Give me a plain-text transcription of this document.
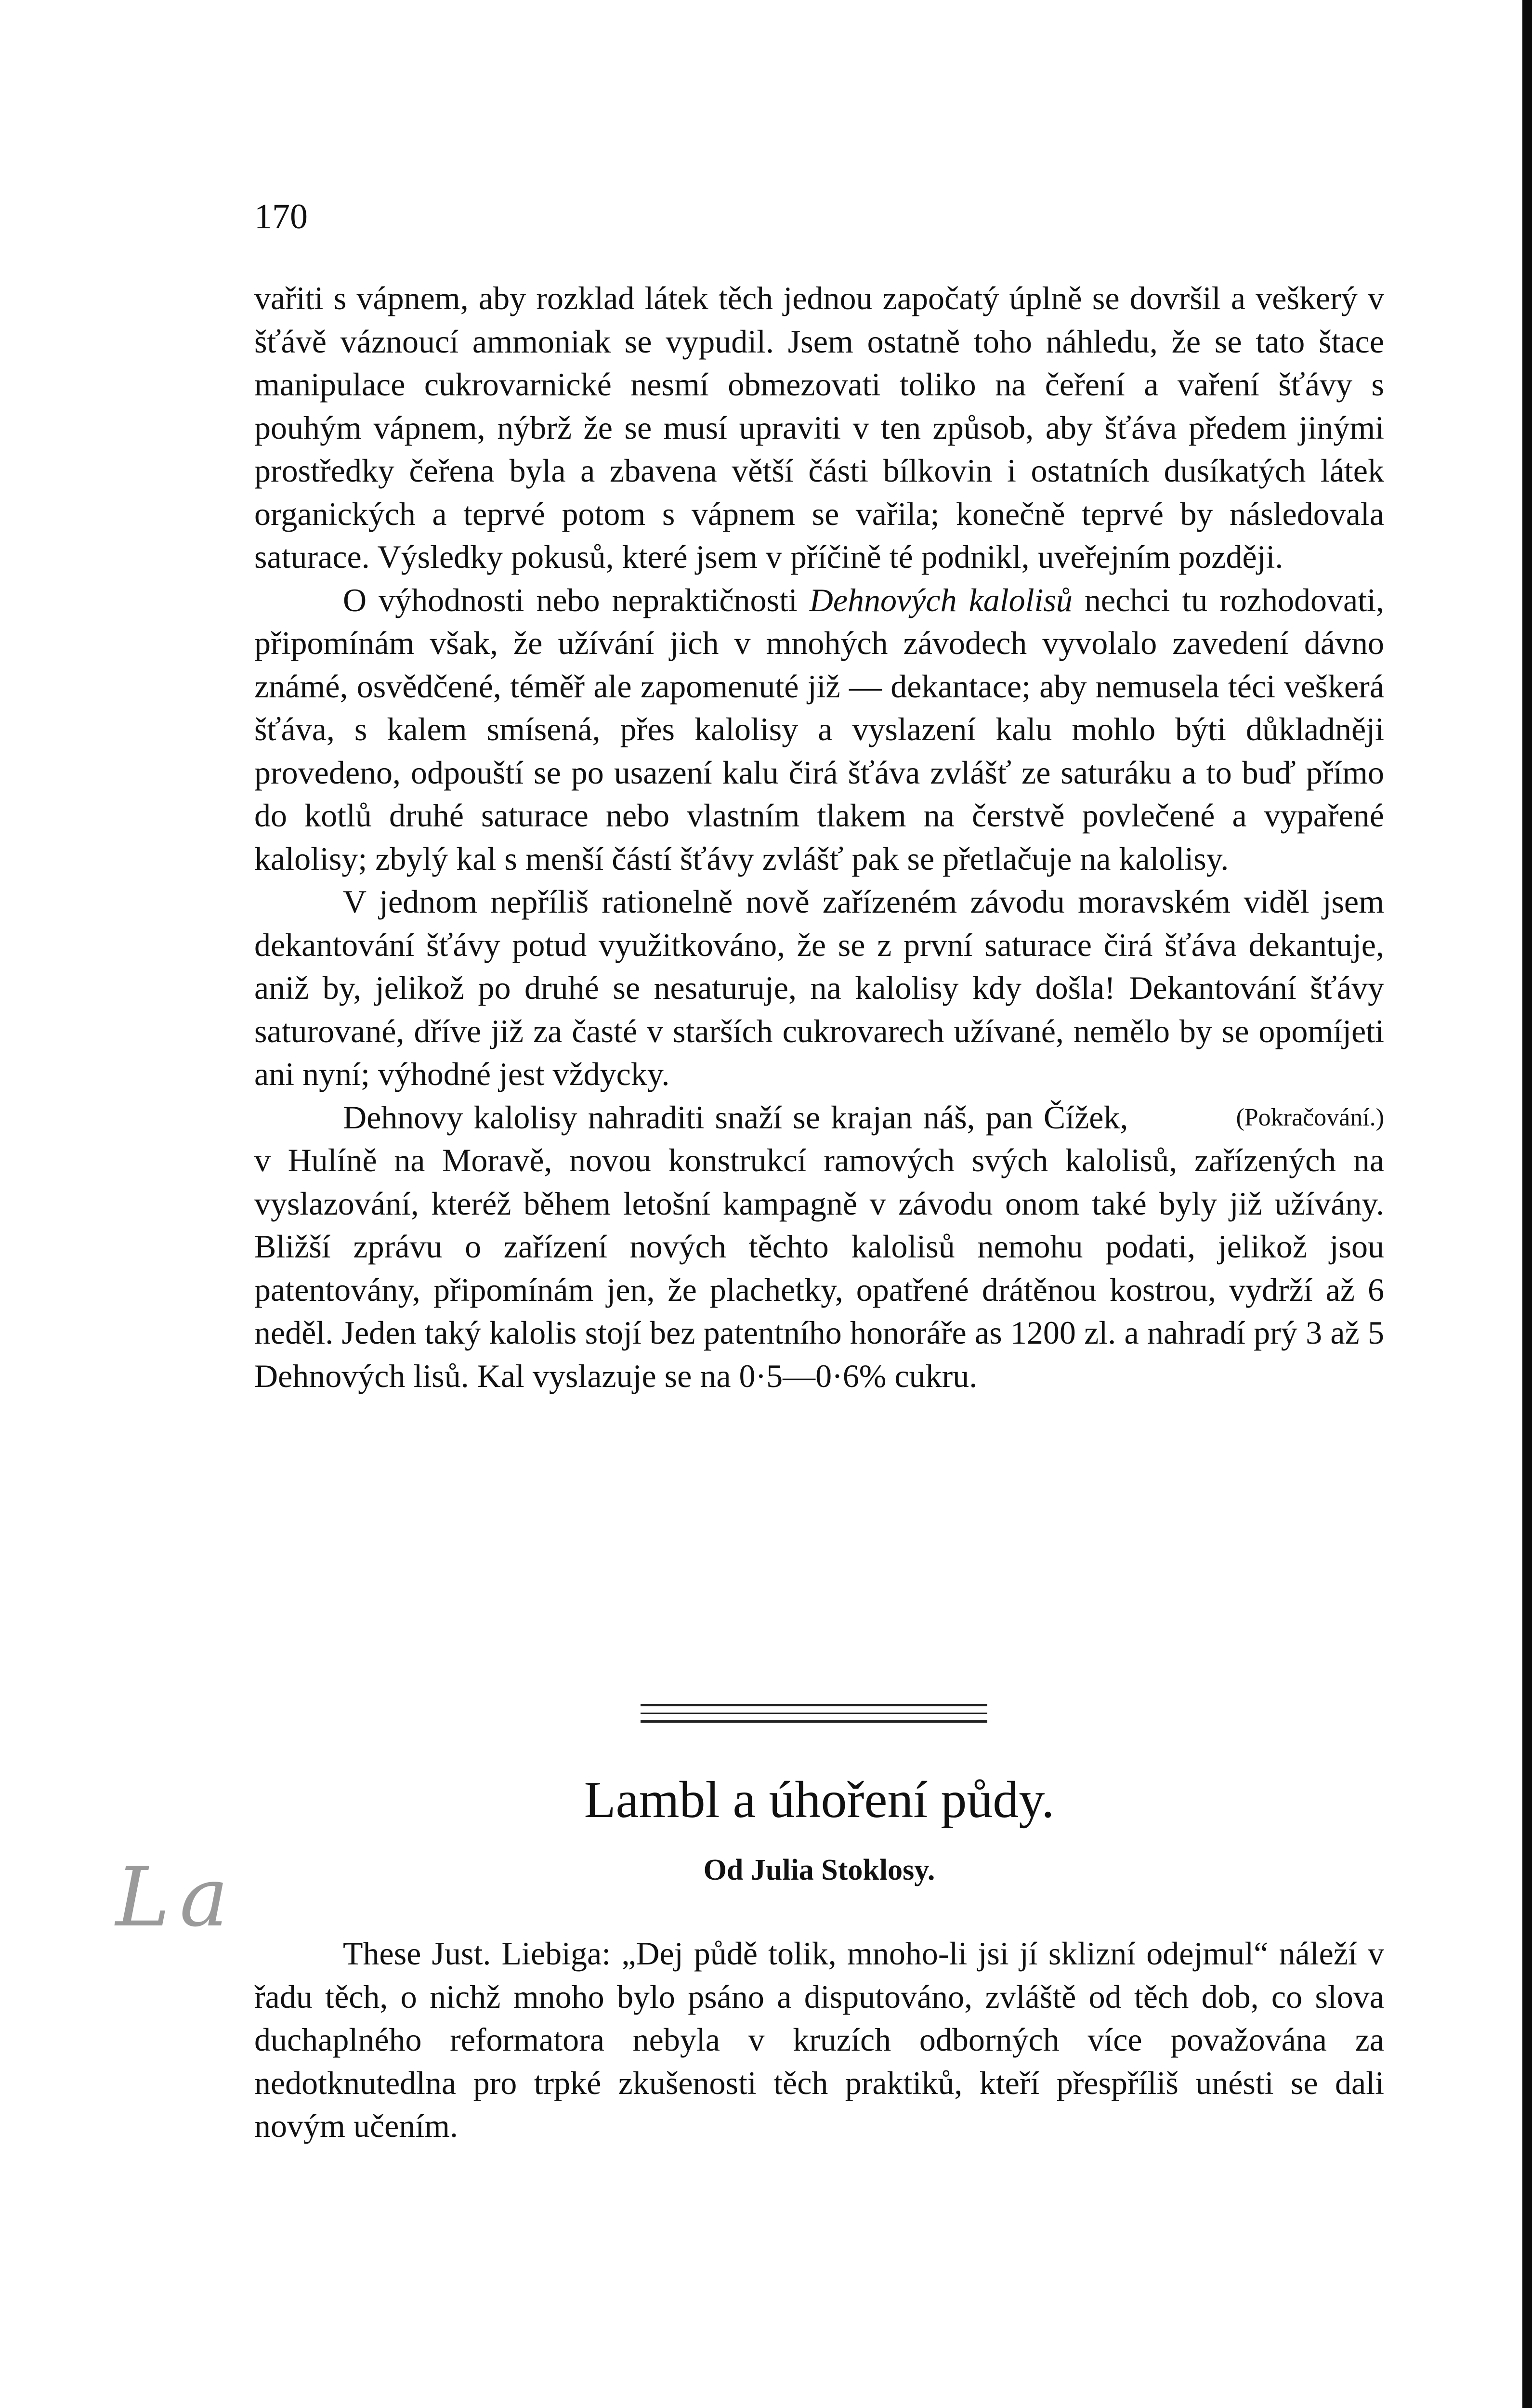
La
170

vařiti s vápnem, aby rozklad látek těch jednou započatý úplně se dovršil a veškerý v šťávě váznoucí ammoniak se vypudil. Jsem ostatně toho náhledu, že se tato štace manipulace cukrovarnické nesmí obmezovati toliko na čeření a vaření šťávy s pouhým vápnem, nýbrž že se musí upraviti v ten způsob, aby šťáva předem jinými prostředky čeřena byla a zbavena větší části bílkovin i ostatních dusíkatých látek organických a teprvé potom s vápnem se vařila; konečně teprvé by následovala saturace. Výsledky pokusů, které jsem v příčině té podnikl, uveřejním později.

O výhodnosti nebo nepraktičnosti Dehnových kalolisů nechci tu rozhodovati, připomínám však, že užívání jich v mnohých závodech vyvolalo zavedení dávno známé, osvědčené, téměř ale zapomenuté již — dekantace; aby nemusela téci veškerá šťáva, s kalem smísená, přes kalolisy a vyslazení kalu mohlo býti důkladněji provedeno, odpouští se po usazení kalu čirá šťáva zvlášť ze saturáku a to buď přímo do kotlů druhé saturace nebo vlastním tlakem na čerstvě povlečené a vypařené kalolisy; zbylý kal s menší částí šťávy zvlášť pak se přetlačuje na kalolisy.

V jednom nepříliš rationelně nově zařízeném závodu moravském viděl jsem dekantování šťávy potud využitkováno, že se z první saturace čirá šťáva dekantuje, aniž by, jelikož po druhé se nesaturuje, na kalolisy kdy došla! Dekantování šťávy saturované, dříve již za časté v starších cukrovarech užívané, nemělo by se opomíjeti ani nyní; výhodné jest vždycky.

(Pokračování.)
Dehnovy kalolisy nahraditi snaží se krajan náš, pan Čížek, v Hulíně na Moravě, novou konstrukcí ramových svých kalolisů, zařízených na vyslazování, kteréž během letošní kampagně v závodu onom také byly již užívány. Bližší zprávu o zařízení nových těchto kalolisů nemohu podati, jelikož jsou patentovány, připomínám jen, že plachetky, opatřené drátěnou kostrou, vydrží až 6 neděl. Jeden taký kalolis stojí bez patentního honoráře as 1200 zl. a nahradí prý 3 až 5 Dehnových lisů. Kal vyslazuje se na 0·5—0·6% cukru.

Lambl a úhoření půdy.
Od Julia Stoklosy.

These Just. Liebiga: „Dej půdě tolik, mnoho-li jsi jí sklizní odejmul“ náleží v řadu těch, o nichž mnoho bylo psáno a disputováno, zvláště od těch dob, co slova duchaplného reformatora nebyla v kruzích odborných více považována za nedotknutedlna pro trpké zkušenosti těch praktiků, kteří přespříliš unésti se dali novým učením.
